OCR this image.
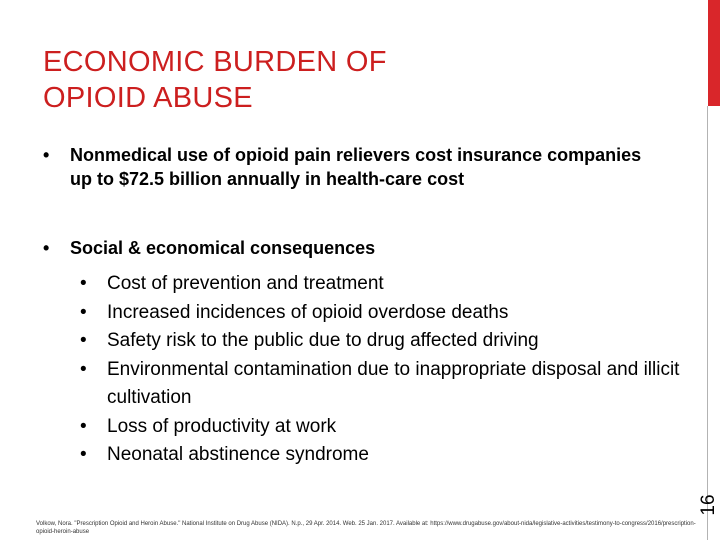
ECONOMIC BURDEN OF
OPIOID ABUSE
•	Nonmedical use of opioid pain relievers cost insurance companies up to $72.5 billion annually in health-care cost
•	Social & economical consequences
•	Cost of prevention and treatment
•	Increased incidences of opioid overdose deaths
•	Safety risk to the public due to drug affected driving
•	Environmental contamination due to inappropriate disposal and illicit cultivation
•	Loss of productivity at work
•	Neonatal abstinence syndrome
Volkow, Nora. "Prescription Opioid and Heroin Abuse." National Institute on Drug Abuse (NIDA). N.p., 29 Apr. 2014. Web. 25 Jan. 2017. Available at: https://www.drugabuse.gov/about-nida/legislative-activities/testimony-to-congress/2016/prescription-opioid-heroin-abuse
16
